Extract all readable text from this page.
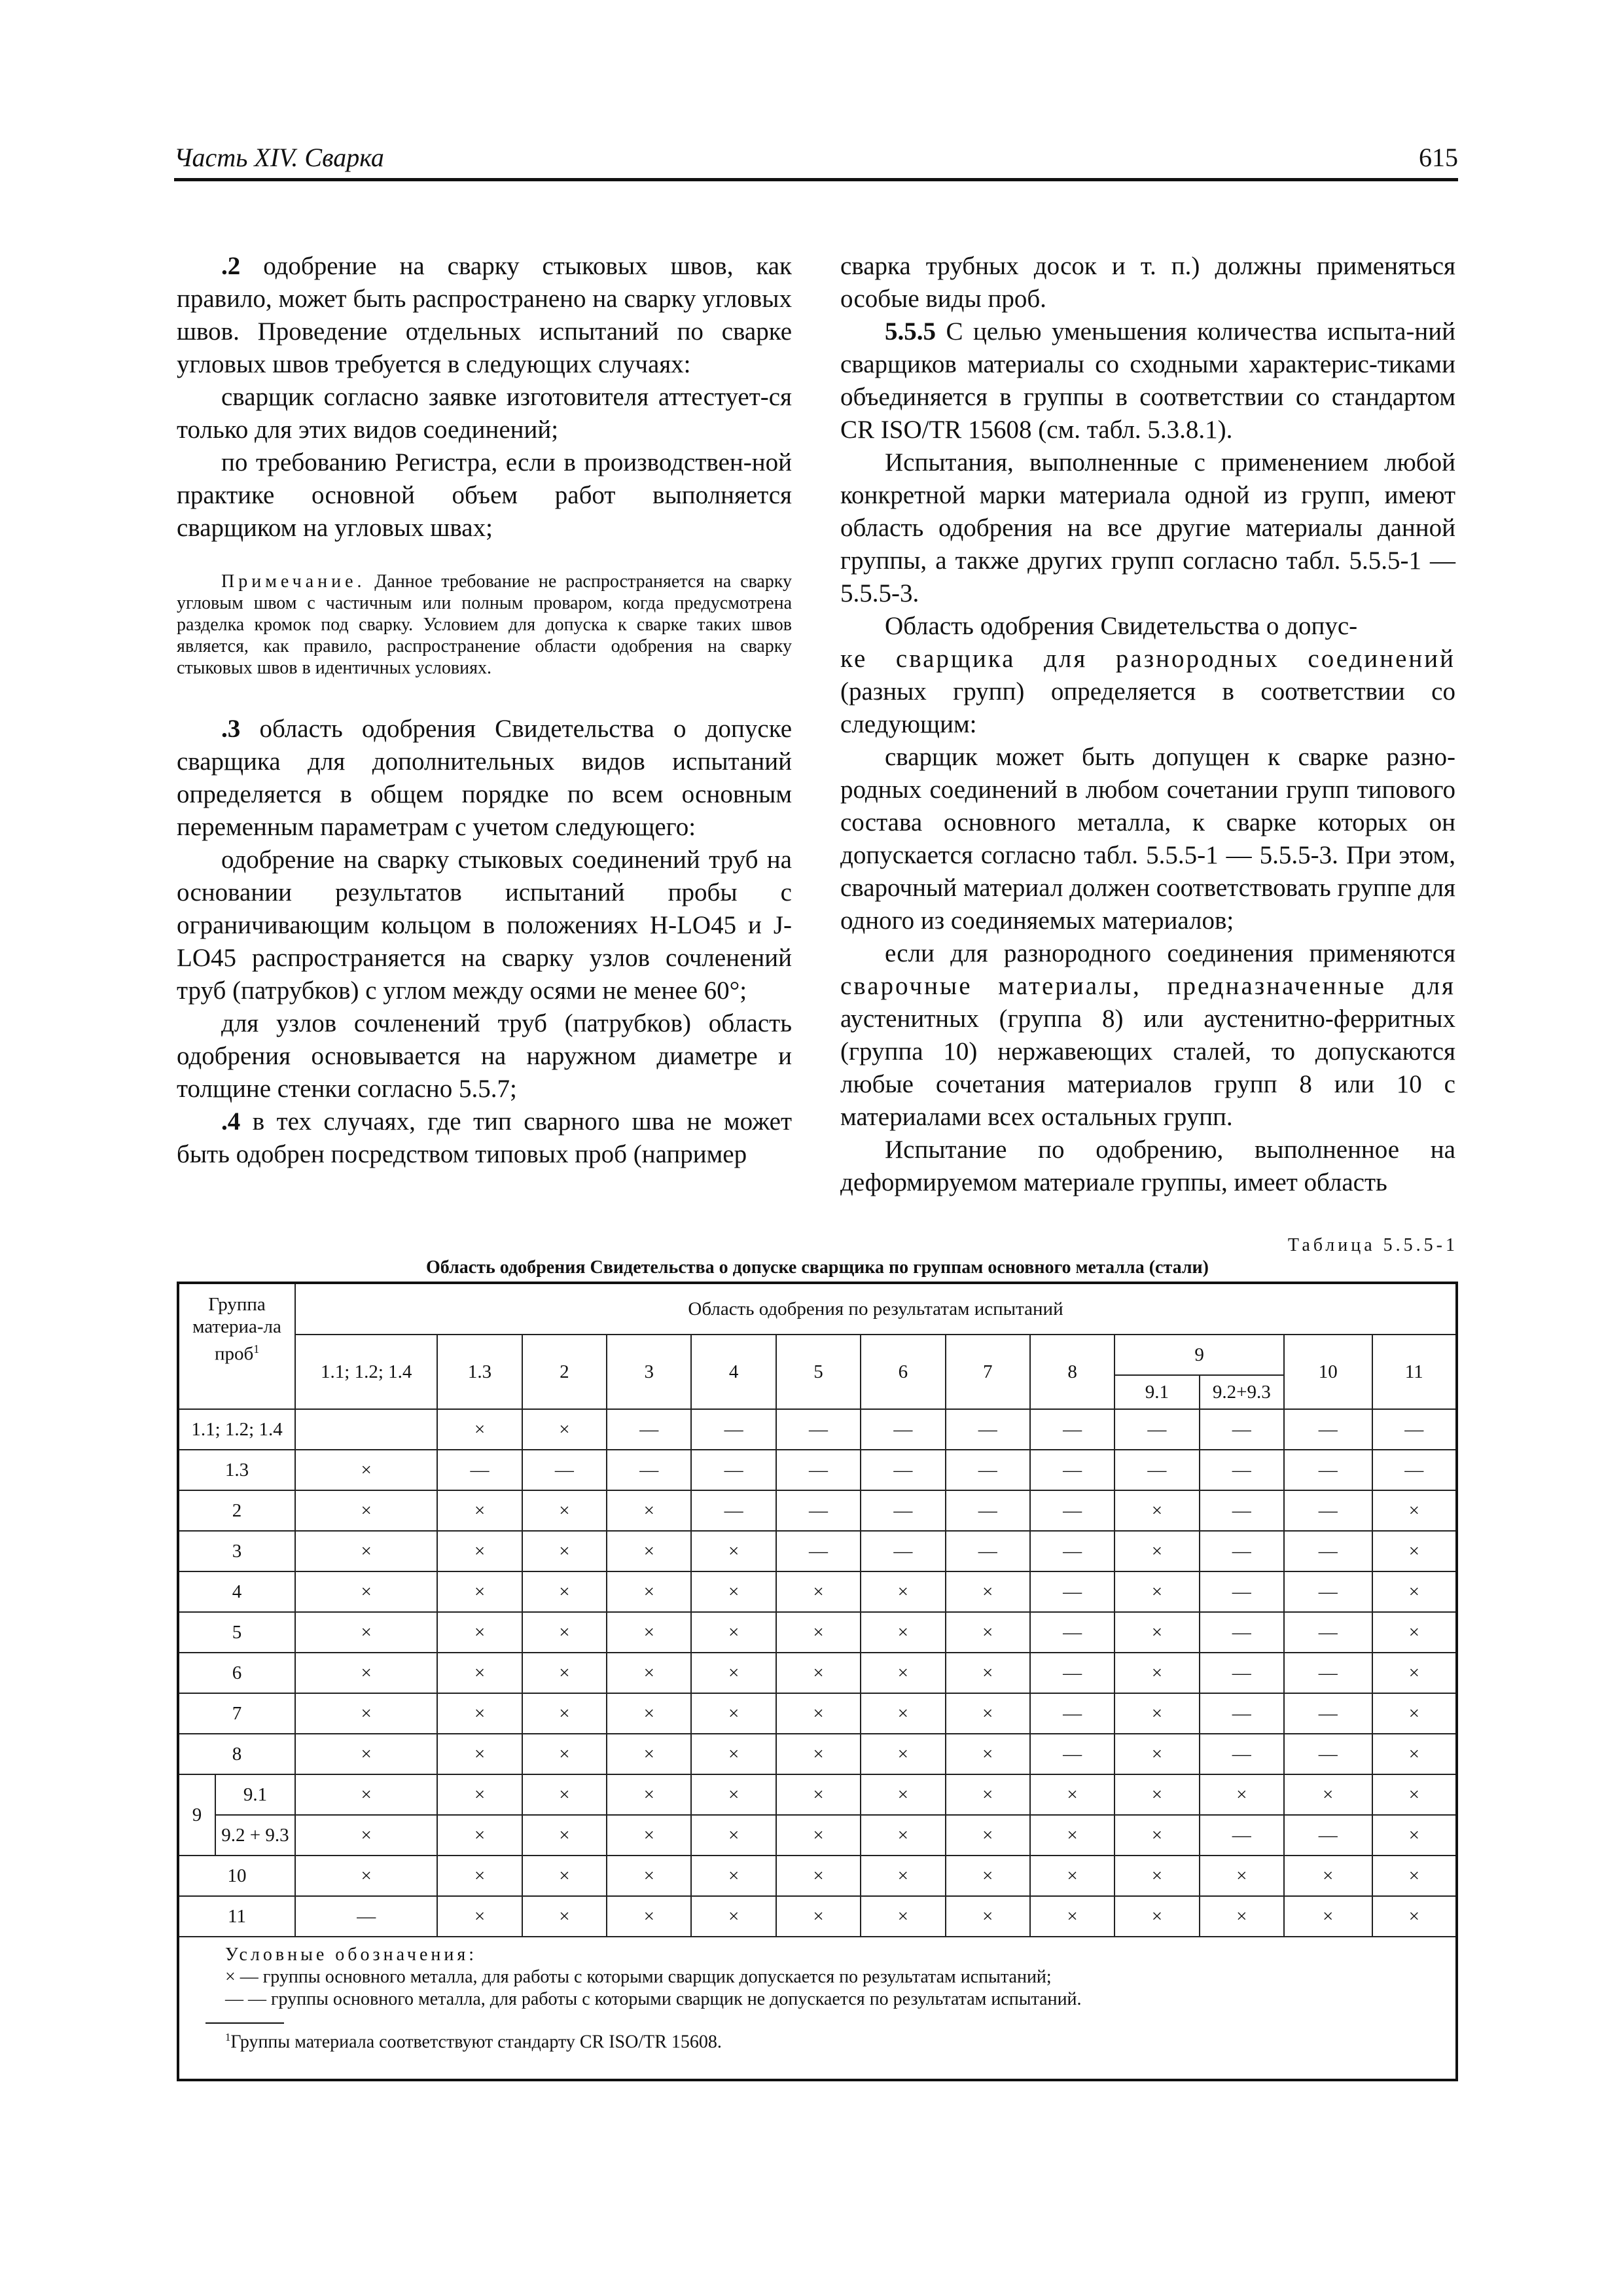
Часть XIV. Сварка	615

.2 одобрение на сварку стыковых швов, как правило, может быть распространено на сварку угловых швов. Проведение отдельных испытаний по сварке угловых швов требуется в следующих случаях:

сварщик согласно заявке изготовителя аттестует-ся только для этих видов соединений;

по требованию Регистра, если в производствен-ной практике основной объем работ выполняется сварщиком на угловых швах;

Примечание. Данное требование не распространяется на сварку угловым швом с частичным или полным проваром, когда предусмотрена разделка кромок под сварку. Условием для допуска к сварке таких швов является, как правило, распространение области одобрения на сварку стыковых швов в идентичных условиях.

.3 область одобрения Свидетельства о допуске сварщика для дополнительных видов испытаний определяется в общем порядке по всем основным переменным параметрам с учетом следующего:

одобрение на сварку стыковых соединений труб на основании результатов испытаний пробы с ограничивающим кольцом в положениях H-LO45 и J-LO45 распространяется на сварку узлов сочленений труб (патрубков) с углом между осями не менее 60°;

для узлов сочленений труб (патрубков) область одобрения основывается на наружном диаметре и толщине стенки согласно 5.5.7;

.4 в тех случаях, где тип сварного шва не может быть одобрен посредством типовых проб (например

сварка трубных досок и т. п.) должны применяться особые виды проб.

5.5.5 С целью уменьшения количества испыта-ний сварщиков материалы со сходными характерис-тиками объединяется в группы в соответствии со стандартом CR ISO/TR 15608 (см. табл. 5.3.8.1).

Испытания, выполненные с применением любой конкретной марки материала одной из групп, имеют область одобрения на все другие материалы данной группы, а также других групп согласно табл. 5.5.5-1 — 5.5.5-3.

Область одобрения Свидетельства о допус-
ке сварщика для разнородных соединений (разных групп) определяется в соответствии со следующим:

сварщик может быть допущен к сварке разно-родных соединений в любом сочетании групп типового состава основного металла, к сварке которых он допускается согласно табл. 5.5.5-1 — 5.5.5-3. При этом, сварочный материал должен соответствовать группе для одного из соединяемых материалов;

если для разнородного соединения применяются сварочные материалы, предназначенные для аустенитных (группа 8) или аустенитно-ферритных (группа 10) нержавеющих сталей, то допускаются любые сочетания материалов групп 8 или 10 с материалами всех остальных групп.

Испытание по одобрению, выполненное на деформируемом материале группы, имеет область

Таблица 5.5.5-1
Область одобрения Свидетельства о допуске сварщика по группам основного металла (стали)
Группа материа-ла проб$^1$		Область одобрения по результатам испытаний												
		1.1; 1.2; 1.4	1.3	2	3	4	5	6	7	8	9		10	11
											9.1	9.2+9.3		
1.1; 1.2; 1.4			×	×	—	—	—	—	—	—	—	—	—	—
1.3		×	—	—	—	—	—	—	—	—	—	—	—	—
2		×	×	×	×	—	—	—	—	—	×	—	—	×
3		×	×	×	×	×	—	—	—	—	×	—	—	×
4		×	×	×	×	×	×	×	×	—	×	—	—	×
5		×	×	×	×	×	×	×	×	—	×	—	—	×
6		×	×	×	×	×	×	×	×	—	×	—	—	×
7		×	×	×	×	×	×	×	×	—	×	—	—	×
8		×	×	×	×	×	×	×	×	—	×	—	—	×
9	9.1	×	×	×	×	×	×	×	×	×	×	×	×	×
	9.2 + 9.3	×	×	×	×	×	×	×	×	×	×	—	—	×
10		×	×	×	×	×	×	×	×	×	×	×	×	×
11		—	×	×	×	×	×	×	×	×	×	×	×	×

Условные обозначения:
× — группы основного металла, для работы с которыми сварщик допускается по результатам испытаний;
— — группы основного металла, для работы с которыми сварщик не допускается по результатам испытаний.
$^1$Группы материала соответствуют стандарту CR ISO/TR 15608.														
